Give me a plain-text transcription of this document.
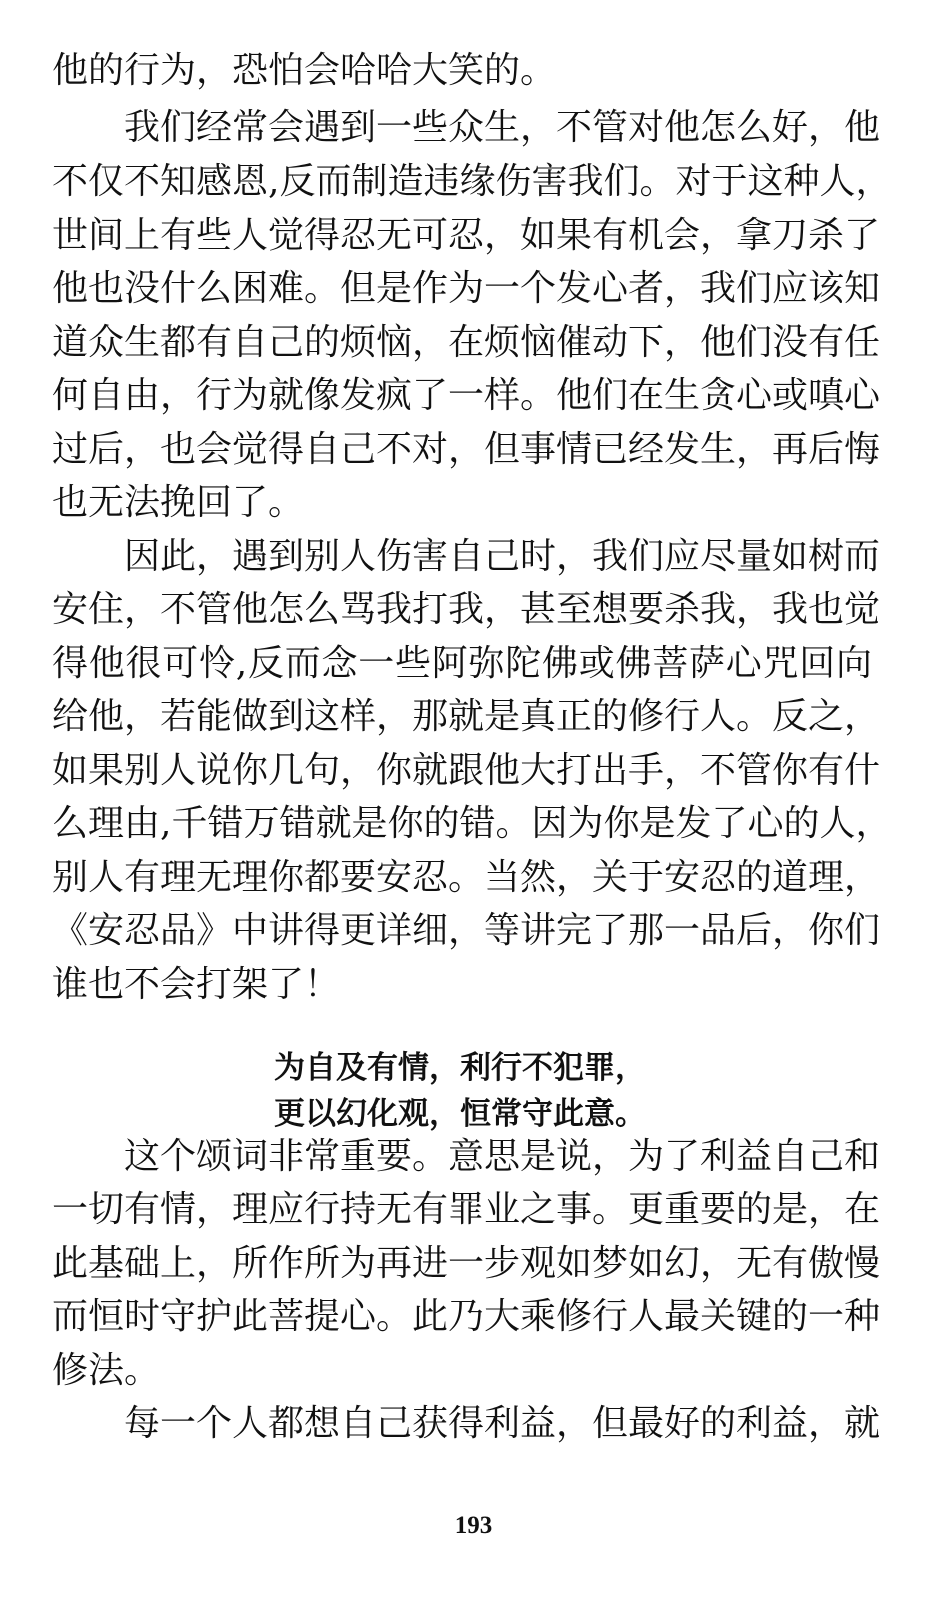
他的行为，恐怕会哈哈大笑的。
我们经常会遇到一些众生，不管对他怎么好，他
不仅不知感恩,反而制造违缘伤害我们。对于这种人，
世间上有些人觉得忍无可忍，如果有机会，拿刀杀了
他也没什么困难。但是作为一个发心者，我们应该知
道众生都有自己的烦恼，在烦恼催动下，他们没有任
何自由，行为就像发疯了一样。他们在生贪心或嗔心
过后，也会觉得自己不对，但事情已经发生，再后悔
也无法挽回了。
因此，遇到别人伤害自己时，我们应尽量如树而
安住，不管他怎么骂我打我，甚至想要杀我，我也觉
得他很可怜,反而念一些阿弥陀佛或佛菩萨心咒回向
给他，若能做到这样，那就是真正的修行人。反之，
如果别人说你几句，你就跟他大打出手，不管你有什
么理由,千错万错就是你的错。因为你是发了心的人，
别人有理无理你都要安忍。当然，关于安忍的道理，
《安忍品》中讲得更详细，等讲完了那一品后，你们
谁也不会打架了！
为自及有情，利行不犯罪，
更以幻化观，恒常守此意。
这个颂词非常重要。意思是说，为了利益自己和
一切有情，理应行持无有罪业之事。更重要的是，在
此基础上，所作所为再进一步观如梦如幻，无有傲慢
而恒时守护此菩提心。此乃大乘修行人最关键的一种
修法。
每一个人都想自己获得利益，但最好的利益，就
193
